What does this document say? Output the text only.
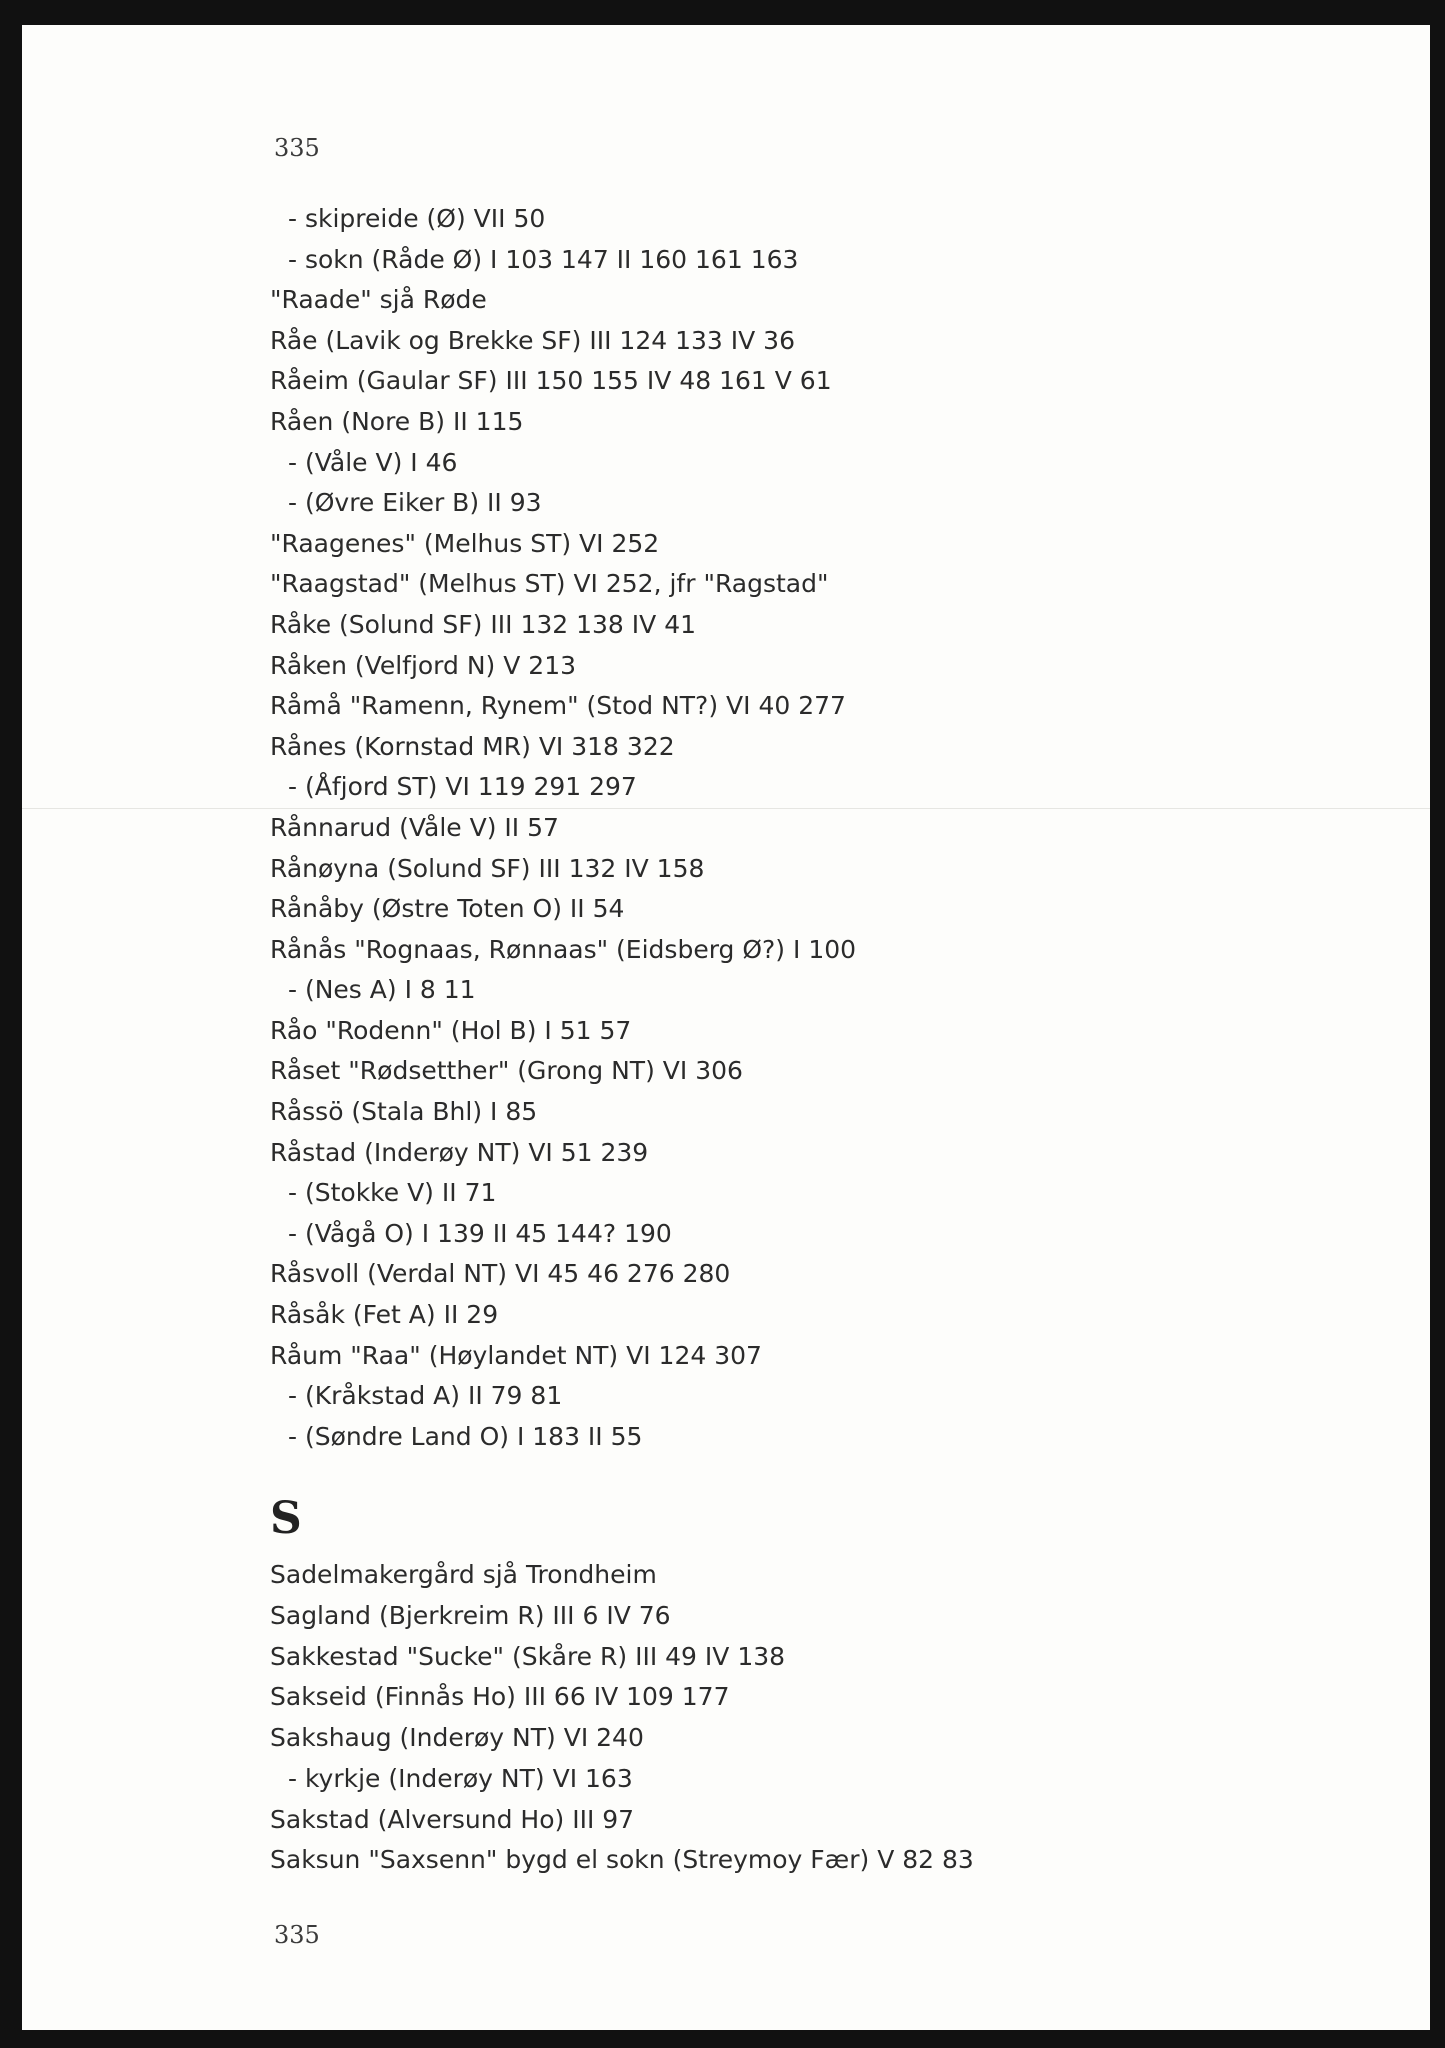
335
- skipreide (Ø) VII 50
- sokn (Råde Ø) I 103 147 II 160 161 163
"Raade" sjå Røde
Råe (Lavik og Brekke SF) III 124 133 IV 36
Råeim (Gaular SF) III 150 155 IV 48 161 V 61
Råen (Nore B) II 115
- (Våle V) I 46
- (Øvre Eiker B) II 93
"Raagenes" (Melhus ST) VI 252
"Raagstad" (Melhus ST) VI 252, jfr "Ragstad"
Råke (Solund SF) III 132 138 IV 41
Råken (Velfjord N) V 213
Råmå "Ramenn, Rynem" (Stod NT?) VI 40 277
Rånes (Kornstad MR) VI 318 322
- (Åfjord ST) VI 119 291 297
Rånnarud (Våle V) II 57
Rånøyna (Solund SF) III 132 IV 158
Rånåby (Østre Toten O) II 54
Rånås "Rognaas, Rønnaas" (Eidsberg Ø?) I 100
- (Nes A) I 8 11
Råo "Rodenn" (Hol B) I 51 57
Råset "Rødsetther" (Grong NT) VI 306
Råssö (Stala Bhl) I 85
Råstad (Inderøy NT) VI 51 239
- (Stokke V) II 71
- (Vågå O) I 139 II 45 144? 190
Råsvoll (Verdal NT) VI 45 46 276 280
Råsåk (Fet A) II 29
Råum "Raa" (Høylandet NT) VI 124 307
- (Kråkstad A) II 79 81
- (Søndre Land O) I 183 II 55
S
Sadelmakergård sjå Trondheim
Sagland (Bjerkreim R) III 6 IV 76
Sakkestad "Sucke" (Skåre R) III 49 IV 138
Sakseid (Finnås Ho) III 66 IV 109 177
Sakshaug (Inderøy NT) VI 240
- kyrkje (Inderøy NT) VI 163
Sakstad (Alversund Ho) III 97
Saksun "Saxsenn" bygd el sokn (Streymoy Fær) V 82 83
335
